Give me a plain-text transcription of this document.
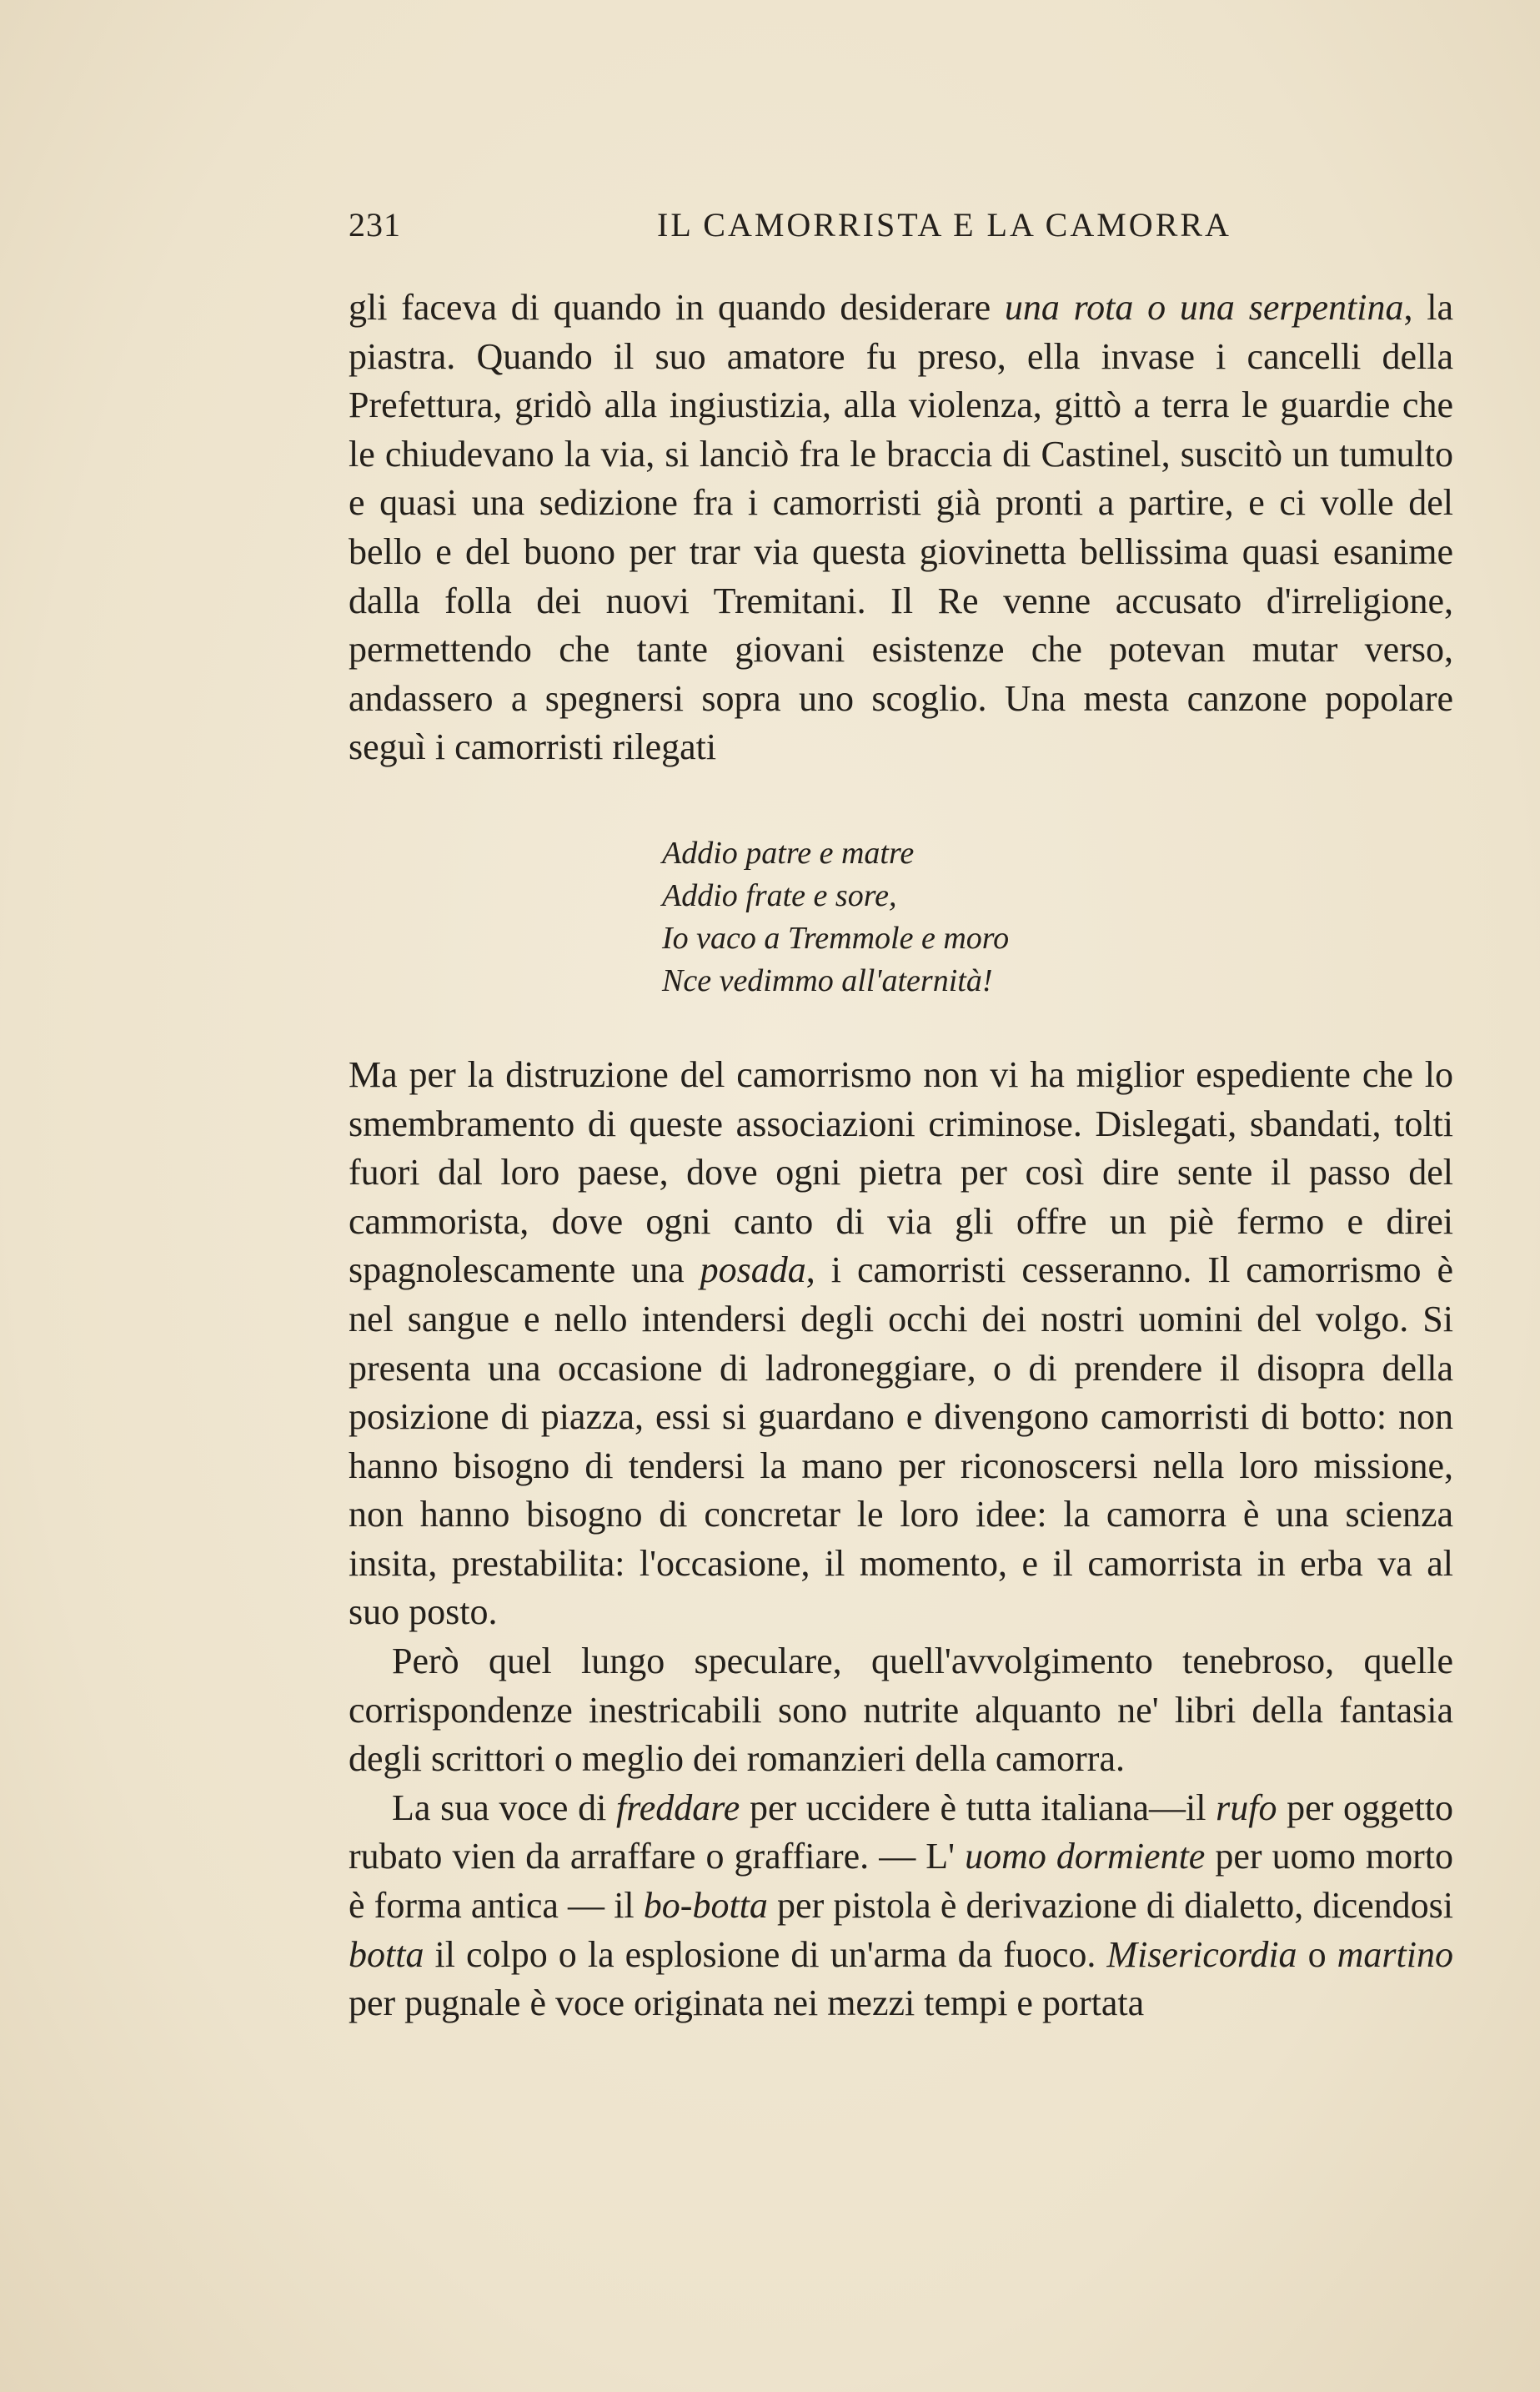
231	IL CAMORRISTA E LA CAMORRA

gli faceva di quando in quando desiderare una rota o una serpentina, la piastra. Quando il suo amatore fu preso, ella invase i cancelli della Prefettura, gridò alla ingiustizia, alla violenza, gittò a terra le guardie che le chiudevano la via, si lanciò fra le braccia di Castinel, suscitò un tumulto e quasi una sedizione fra i camorristi già pronti a partire, e ci volle del bello e del buono per trar via questa giovinetta bellissima quasi esanime dalla folla dei nuovi Tremitani. Il Re venne accusato d'irreligione, permettendo che tante giovani esistenze che potevan mutar verso, andassero a spegnersi sopra uno scoglio. Una mesta canzone popolare seguì i camorristi rilegati

Addio patre e matre
Addio frate e sore,
Io vaco a Tremmole e moro
Nce vedimmo all'aternità!

Ma per la distruzione del camorrismo non vi ha miglior espediente che lo smembramento di queste associazioni criminose. Dislegati, sbandati, tolti fuori dal loro paese, dove ogni pietra per così dire sente il passo del cammorista, dove ogni canto di via gli offre un piè fermo e direi spagnolescamente una posada, i camorristi cesseranno. Il camorrismo è nel sangue e nello intendersi degli occhi dei nostri uomini del volgo. Si presenta una occasione di ladroneggiare, o di prendere il disopra della posizione di piazza, essi si guardano e divengono camorristi di botto: non hanno bisogno di tendersi la mano per riconoscersi nella loro missione, non hanno bisogno di concretar le loro idee: la camorra è una scienza insita, prestabilita: l'occasione, il momento, e il camorrista in erba va al suo posto.

Però quel lungo speculare, quell'avvolgimento tenebroso, quelle corrispondenze inestricabili sono nutrite alquanto ne' libri della fantasia degli scrittori o meglio dei romanzieri della camorra.

La sua voce di freddare per uccidere è tutta italiana—il rufo per oggetto rubato vien da arraffare o graffiare. — L' uomo dormiente per uomo morto è forma antica — il bo-botta per pistola è derivazione di dialetto, dicendosi botta il colpo o la esplosione di un'arma da fuoco. Misericordia o martino per pugnale è voce originata nei mezzi tempi e portata
